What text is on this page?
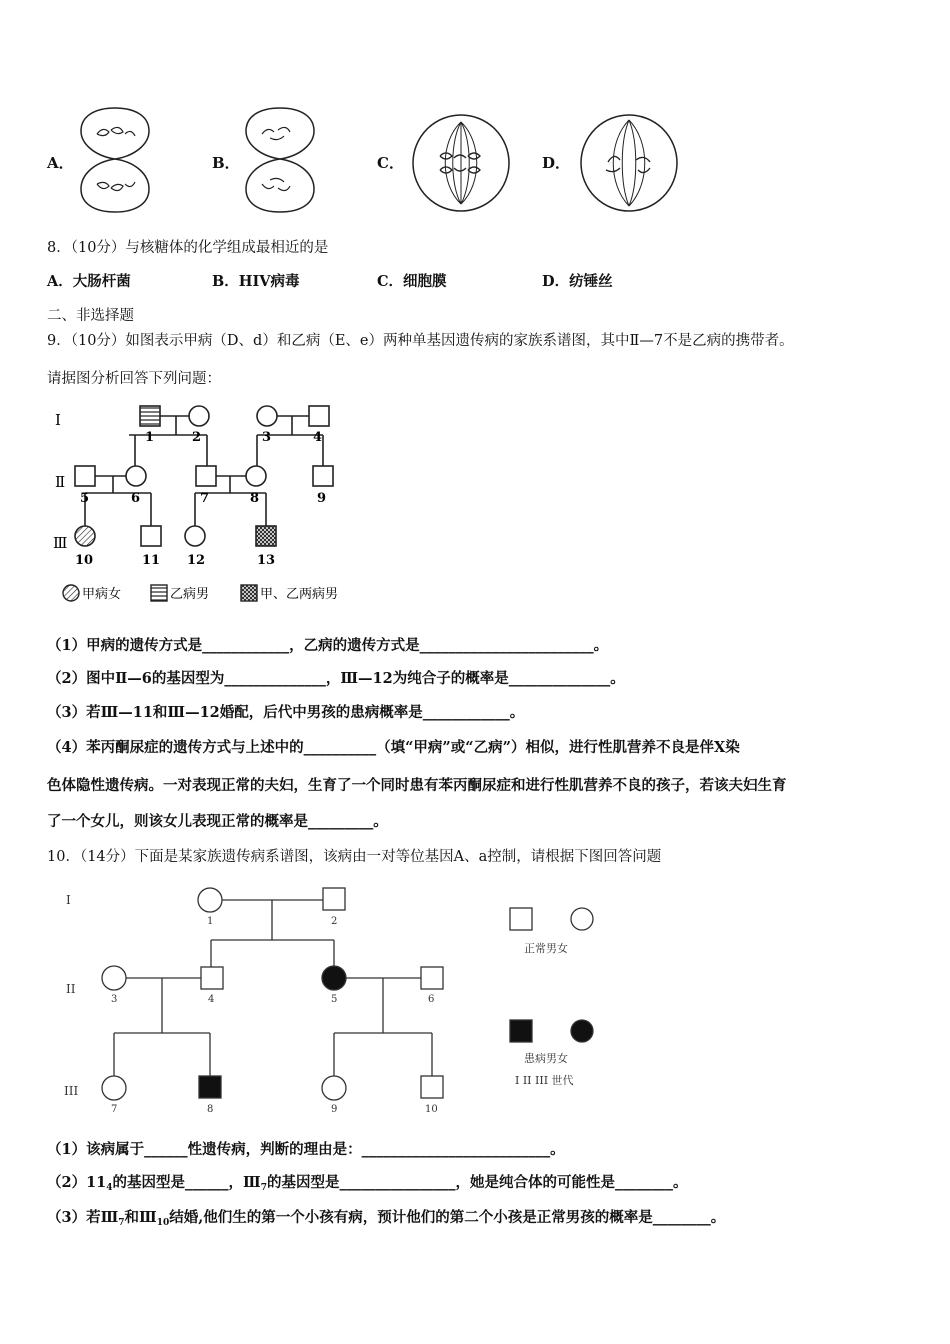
A．	B．	C．	D．
8．（10分）与核糖体的化学组成最相近的是
A．大肠杆菌	B．HIV病毒	C．细胞膜	D．纺锤丝
二、非选择题
9．（10分）如图表示甲病（D、d）和乙病（E、e）两种单基因遗传病的家族系谱图，其中Ⅱ—7不是乙病的携带者。
请据图分析回答下列问题：
Ⅰ
Ⅱ
Ⅲ
1	2	3	4
5	6	7	8	9
10	11 12	13
甲病女	乙病男	甲、乙两病男
（1）甲病的遗传方式是____________，乙病的遗传方式是________________________。
（2）图中Ⅱ—6的基因型为______________，Ⅲ—12为纯合子的概率是______________。
（3）若Ⅲ—11和Ⅲ—12婚配，后代中男孩的患病概率是____________。
（4）苯丙酮尿症的遗传方式与上述中的__________（填“甲病”或“乙病”）相似，进行性肌营养不良是伴X染
色体隐性遗传病。一对表现正常的夫妇，生育了一个同时患有苯丙酮尿症和进行性肌营养不良的孩子，若该夫妇生育
了一个女儿，则该女儿表现正常的概率是_________。
10．（14分）下面是某家族遗传病系谱图，该病由一对等位基因A、a控制，请根据下图回答问题
I
II
III
1	2
3	4	5	6
7	8	9	10
正常男女
患病男女
I II III 世代
（1）该病属于______性遗传病，判断的理由是：__________________________。
$(2)11_4$的基因型是______，$Ⅲ_7$的基因型是________________，她是纯合体的可能性是________。
（3）若$Ⅲ_7$和$Ⅲ_{10}$结婚,他们生的第一个小孩有病，预计他们的第二个小孩是正常男孩的概率是________。
